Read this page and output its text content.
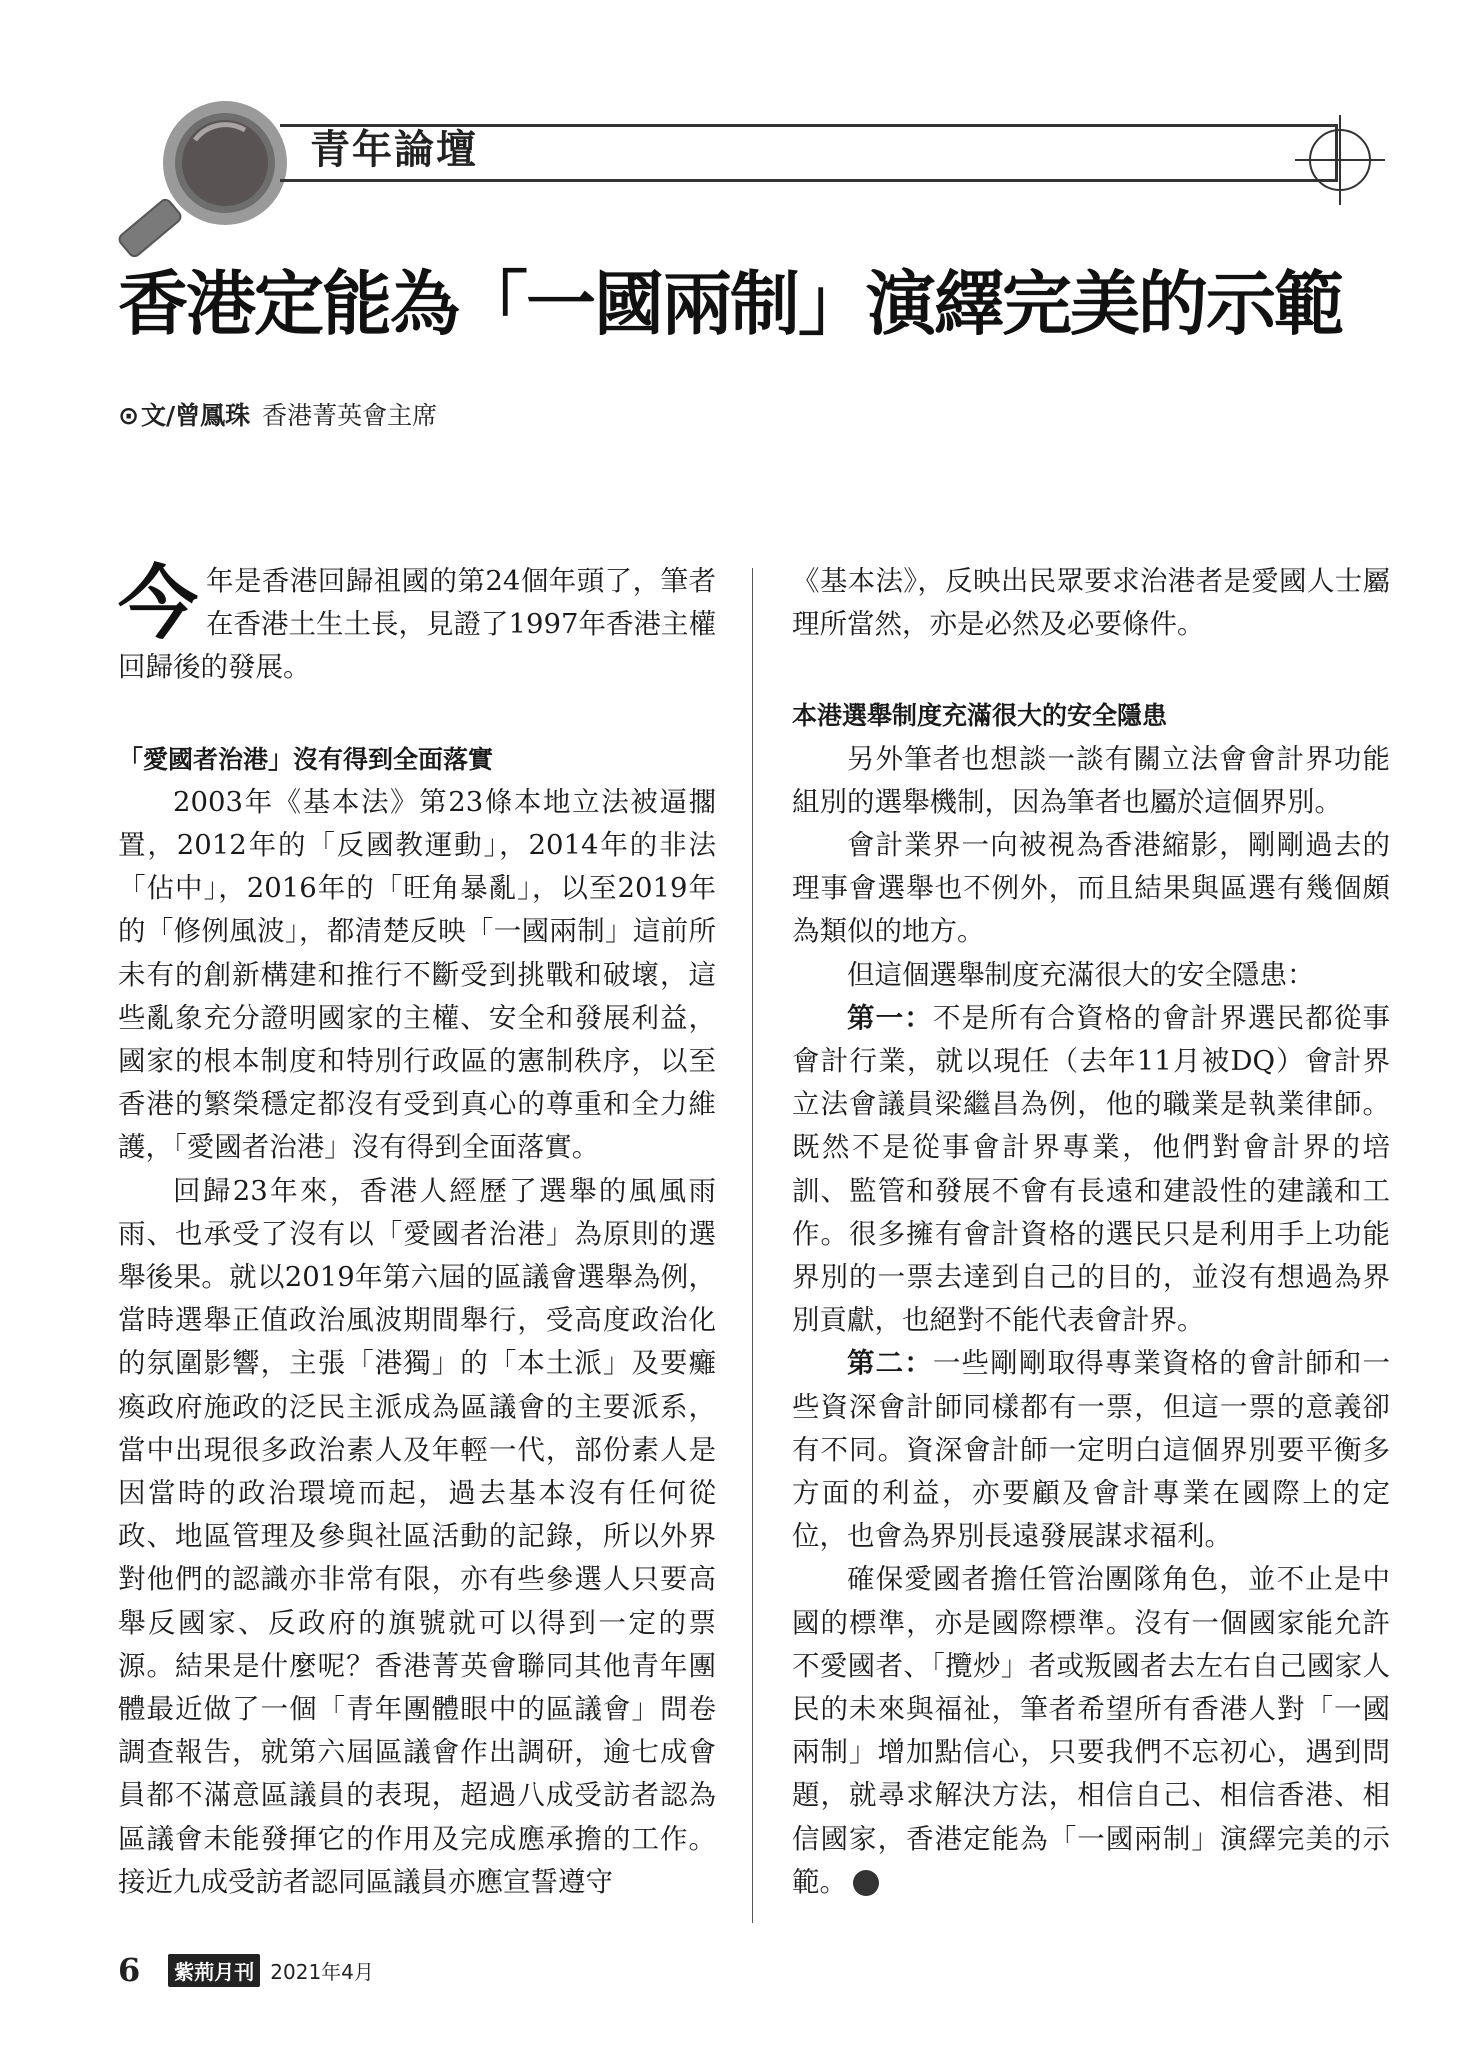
青年論壇
香港定能為「一國兩制」演繹完美的示範
⊙文/曾鳳珠 香港菁英會主席

今年是香港回歸祖國的第24個年頭了，筆者在香港土生土長，見證了1997年香港主權回歸後的發展。

「愛國者治港」沒有得到全面落實

2003年《基本法》第23條本地立法被逼擱置，2012年的「反國教運動」，2014年的非法「佔中」，2016年的「旺角暴亂」，以至2019年的「修例風波」，都清楚反映「一國兩制」這前所未有的創新構建和推行不斷受到挑戰和破壞，這些亂象充分證明國家的主權、安全和發展利益，國家的根本制度和特別行政區的憲制秩序，以至香港的繁榮穩定都沒有受到真心的尊重和全力維護，「愛國者治港」沒有得到全面落實。

回歸23年來，香港人經歷了選舉的風風雨雨、也承受了沒有以「愛國者治港」為原則的選舉後果。就以2019年第六屆的區議會選舉為例，當時選舉正值政治風波期間舉行，受高度政治化的氛圍影響，主張「港獨」的「本土派」及要癱瘓政府施政的泛民主派成為區議會的主要派系，當中出現很多政治素人及年輕一代，部份素人是因當時的政治環境而起，過去基本沒有任何從政、地區管理及參與社區活動的記錄，所以外界對他們的認識亦非常有限，亦有些參選人只要高舉反國家、反政府的旗號就可以得到一定的票源。結果是什麼呢？香港菁英會聯同其他青年團體最近做了一個「青年團體眼中的區議會」問卷調查報告，就第六屆區議會作出調研，逾七成會員都不滿意區議員的表現，超過八成受訪者認為區議會未能發揮它的作用及完成應承擔的工作。接近九成受訪者認同區議員亦應宣誓遵守

《基本法》，反映出民眾要求治港者是愛國人士屬理所當然，亦是必然及必要條件。

本港選舉制度充滿很大的安全隱患

另外筆者也想談一談有關立法會會計界功能組別的選舉機制，因為筆者也屬於這個界別。

會計業界一向被視為香港縮影，剛剛過去的理事會選舉也不例外，而且結果與區選有幾個頗為類似的地方。

但這個選舉制度充滿很大的安全隱患：

第一：不是所有合資格的會計界選民都從事會計行業，就以現任（去年11月被DQ）會計界立法會議員梁繼昌為例，他的職業是執業律師。既然不是從事會計界專業，他們對會計界的培訓、監管和發展不會有長遠和建設性的建議和工作。很多擁有會計資格的選民只是利用手上功能界別的一票去達到自己的目的，並沒有想過為界別貢獻，也絕對不能代表會計界。

第二：一些剛剛取得專業資格的會計師和一些資深會計師同樣都有一票，但這一票的意義卻有不同。資深會計師一定明白這個界別要平衡多方面的利益，亦要顧及會計專業在國際上的定位，也會為界別長遠發展謀求福利。

確保愛國者擔任管治團隊角色，並不止是中國的標準，亦是國際標準。沒有一個國家能允許不愛國者、「攬炒」者或叛國者去左右自己國家人民的未來與福祉，筆者希望所有香港人對「一國兩制」增加點信心，只要我們不忘初心，遇到問題，就尋求解決方法，相信自己、相信香港、相信國家，香港定能為「一國兩制」演繹完美的示範。	紫

6	紫荊月刊 2021年4月
